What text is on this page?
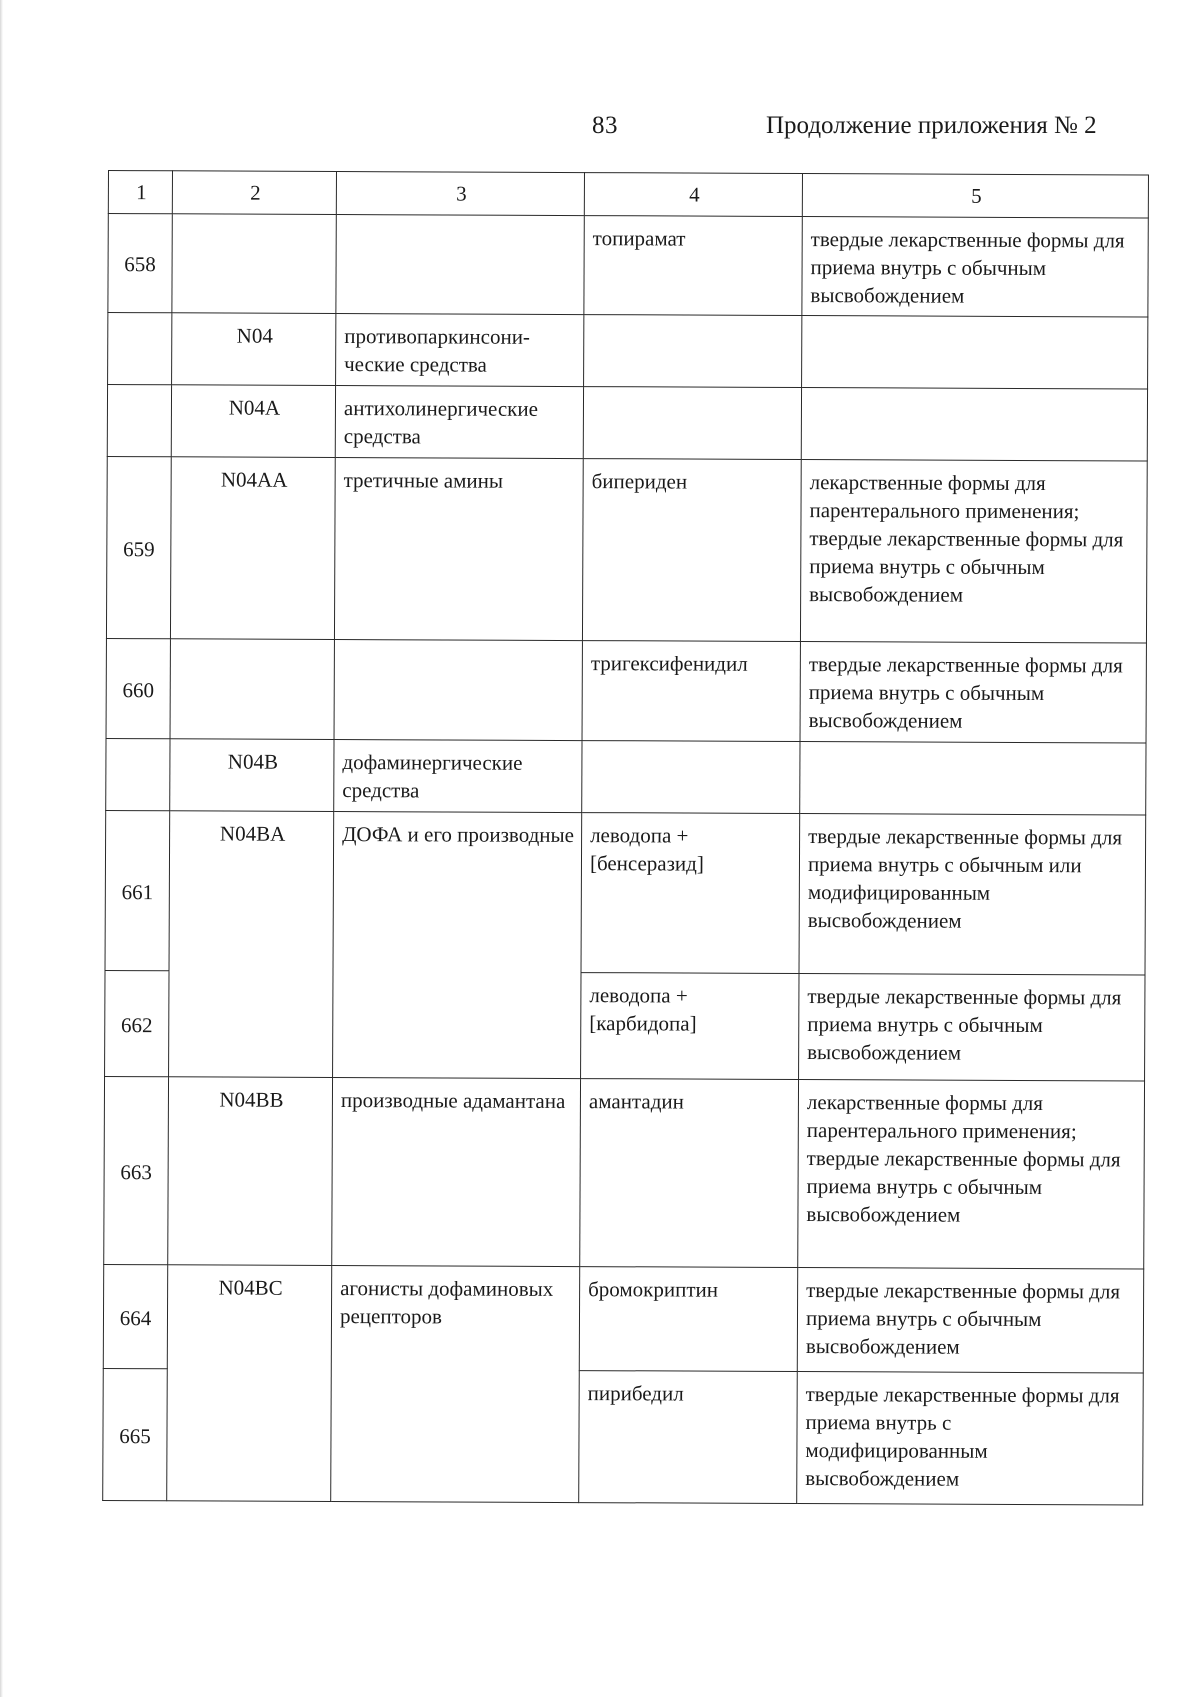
83	Продолжение приложения № 2
1	2	3	4	5
658			топирамат	твердые лекарственные формы для приема внутрь с обычным высвобождением
	N04	противопаркинсони-ческие средства		
	N04A	антихолинергические средства		
659	N04AA	третичные амины	бипериден	лекарственные формы для парентерального применения; твердые лекарственные формы для приема внутрь с обычным высвобождением
660			тригексифенидил	твердые лекарственные формы для приема внутрь с обычным высвобождением
	N04B	дофаминергические средства		
661	N04BA	ДОФА и его производные	леводопа + [бенсеразид]	твердые лекарственные формы для приема внутрь с обычным или модифицированным высвобождением
662			леводопа + [карбидопа]	твердые лекарственные формы для приема внутрь с обычным высвобождением
663	N04BB	производные адамантана	амантадин	лекарственные формы для парентерального применения; твердые лекарственные формы для приема внутрь с обычным высвобождением
664	N04BC	агонисты дофаминовых рецепторов	бромокриптин	твердые лекарственные формы для приема внутрь с обычным высвобождением
665			пирибедил	твердые лекарственные формы для приема внутрь с модифицированным высвобождением
